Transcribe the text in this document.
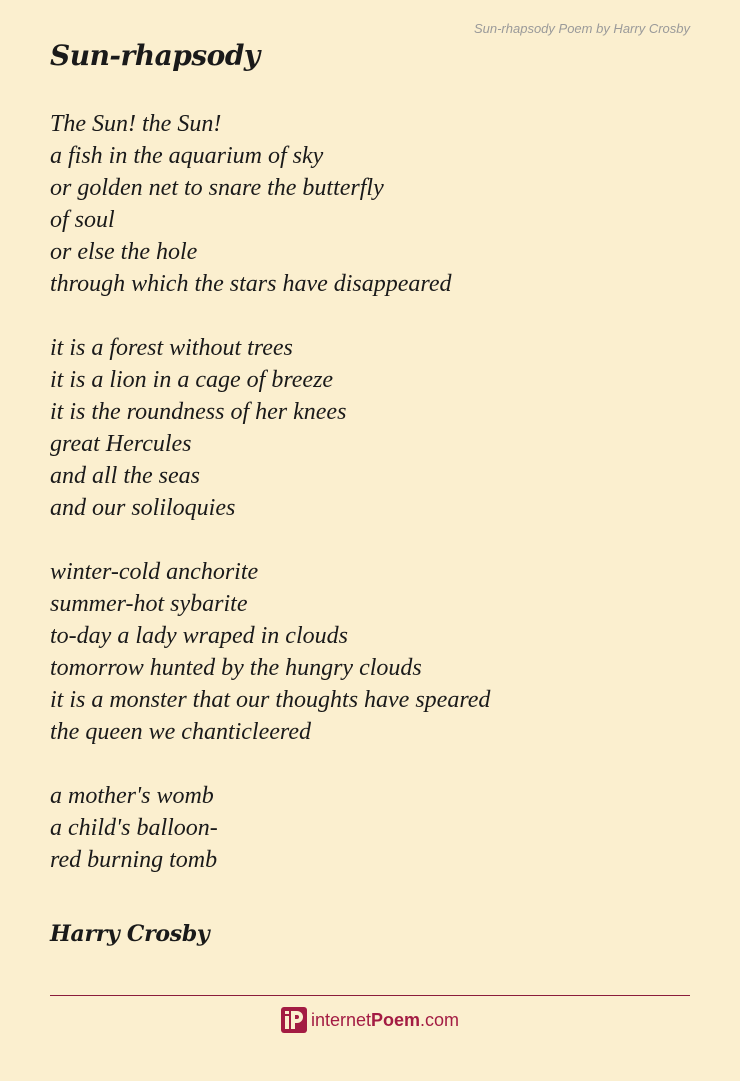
Sun-rhapsody Poem by Harry Crosby
Sun-rhapsody
The Sun! the Sun!
a fish in the aquarium of sky
or golden net to snare the butterfly
of soul
or else the hole
through which the stars have disappeared
it is a forest without trees
it is a lion in a cage of breeze
it is the roundness of her knees
great Hercules
and all the seas
and our soliloquies
winter-cold anchorite
summer-hot sybarite
to-day a lady wraped in clouds
tomorrow hunted by the hungry clouds
it is a monster that our thoughts have speared
the queen we chanticleered
a mother's womb
a child's balloon-
red burning tomb
Harry Crosby
internet Poem .com
